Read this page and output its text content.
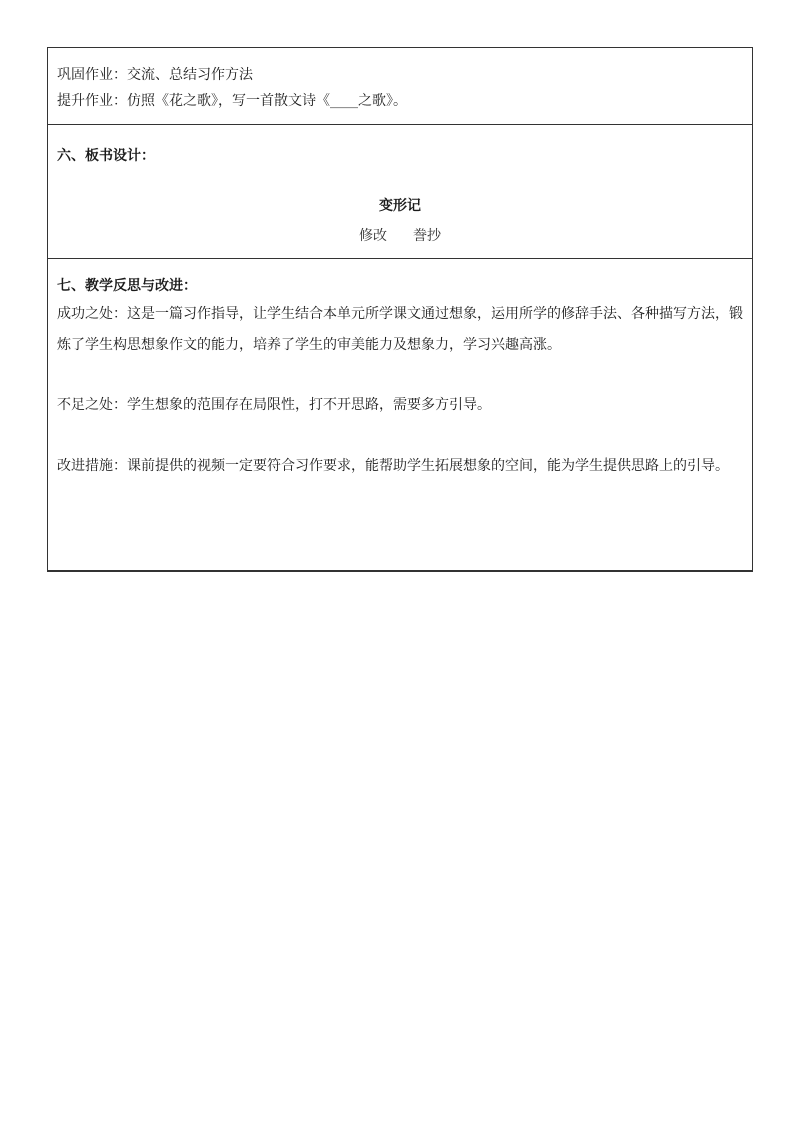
巩固作业：交流、总结习作方法
提升作业：仿照《花之歌》，写一首散文诗《____之歌》。
六、板书设计：
七、教学反思与改进：

成功之处：这是一篇习作指导，让学生结合本单元所学课文通过想象，运用所学的修辞手法、各种描写方法，锻炼了学生构思想象作文的能力，培养了学生的审美能力及想象力，学习兴趣高涨。

不足之处：学生想象的范围存在局限性，打不开思路，需要多方引导。

改进措施：课前提供的视频一定要符合习作要求，能帮助学生拓展想象的空间，能为学生提供思路上的引导。

变形记
修改 誊抄
